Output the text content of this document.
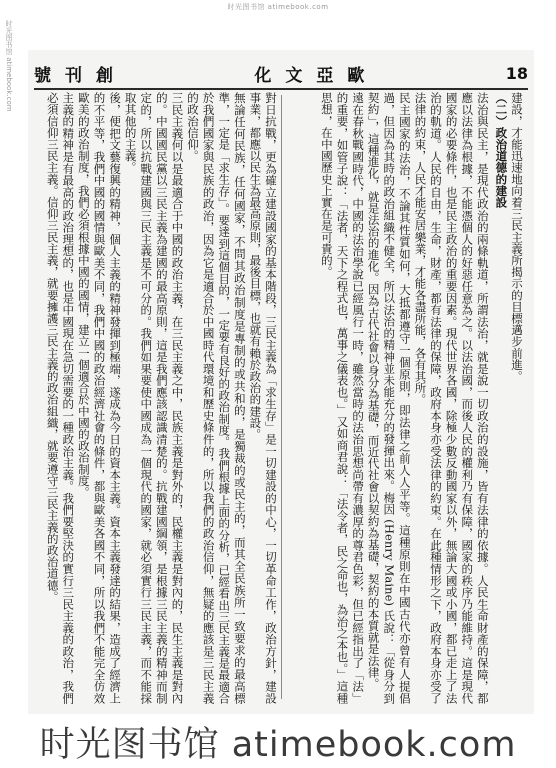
时光图书馆 atimebook.com
时光图书馆 atimebook.com 號刊創	化文亞歐	18

建設，才能迅速地向着三民主義所揭示的目標邁步前進。

（二）政治道德的建設

法治與民主，是現代政治的兩條軌道，所謂法治，就是說一切政治的設施，皆有法律的依據。人民生命財產的保障，都應以法律為根據，不能憑個人的好惡任意為之。以法治國，而後人民的權利乃有保障，國家的秩序乃能維持。這是現代國家的必要條件，也是民主政治的重要因素。現代世界各國，除極少數反動國家以外，無論大國或小國，都已走上了法治的軌道。人民的自由，生命，財產，都有法律的保障，政府本身亦受法律的約束。在此種情形之下，政府本身亦受了法律的約束，人民才能安居樂業，才能各盡所能，各有其所。

民主國家的法治，不論其性質如何，大抵都遵守一個原則，即法律之前人人平等。這種原則在中國古代亦曾有人提倡過，但因為其時的政治組織不健全，所以法治的精神並未能充分的發揮出來。梅因 (Henry Maine) 氏說：「從身分到契約」，這種進化，就是法治的進化。因為古代社會以身分為基礎，而近代社會以契約為基礎，契約的本質就是法律。

遠在春秋戰國時代，中國的法治學說已經風行一時，雖然當時的法治思想尚帶有濃厚的尊君色彩，但已經指出了「法」的重要，如管子說：「法者，天下之程式也，萬事之儀表也。」又如商君說：「法令者，民之命也，為治之本也。」這種思想，在中國歷史上實在是可貴的。

對日抗戰，更為確立建設國家的基本階段，三民主義為「求生存」是一切建設的中心，一切革命工作，政治方針，建設事業，都應以民生為最高原則，最後目標，也就有賴於政治的建設。

無論任何民族，任何國家，不問其政治制度是專制的或共和的，是獨裁的或民主的，而其全民族所一致要求的最高標準，一定是「求生存」。要達到這個目的，一定要有良好的政治制度。我們根據上面的分析，已經看出三民主義是最適合於我們國家與民族的政治，因為它是適合於中國時代環境和歷史條件的，所以我們的政治信仰，無疑的應該是三民主義的政治信仰。

三民主義何以是最適合于中國的政治主義，在三民主義之中，民族主義是對外的，民權主義是對內的，民生主義是對內的。中國國民黨以三民主義為建國的最高原則，這是我們應該認識清楚的。抗戰建國綱領，是根據三民主義的精神而制定的，所以抗戰建國與三民主義是不可分的。我們如果要使中國成為一個現代的國家，就必須實行三民主義，而不能採取其他的主義。

後，便把文藝復興的精神，個人主義的精神發揮到極端，遂成為今日的資本主義。資本主義發達的結果，造成了經濟上的不平等，我們中國的國情與歐美不同，我們中國的政治經濟社會的條件，都與歐美各國不同，所以我們不能完全仿效歐美的政治制度，我們必須根據中國的國情，建立一個適合於中國的政治制度。

主義的精神是有最高的政治理想的，也是中國現在急切需要的一種政治主義。我們要堅決的實行三民主義的政治，我們必須信仰三民主義。信仰三民主義，就要擁護三民主義的政治組織，就要遵守三民主義的政治道德。

时光图书馆 atimebook.com
